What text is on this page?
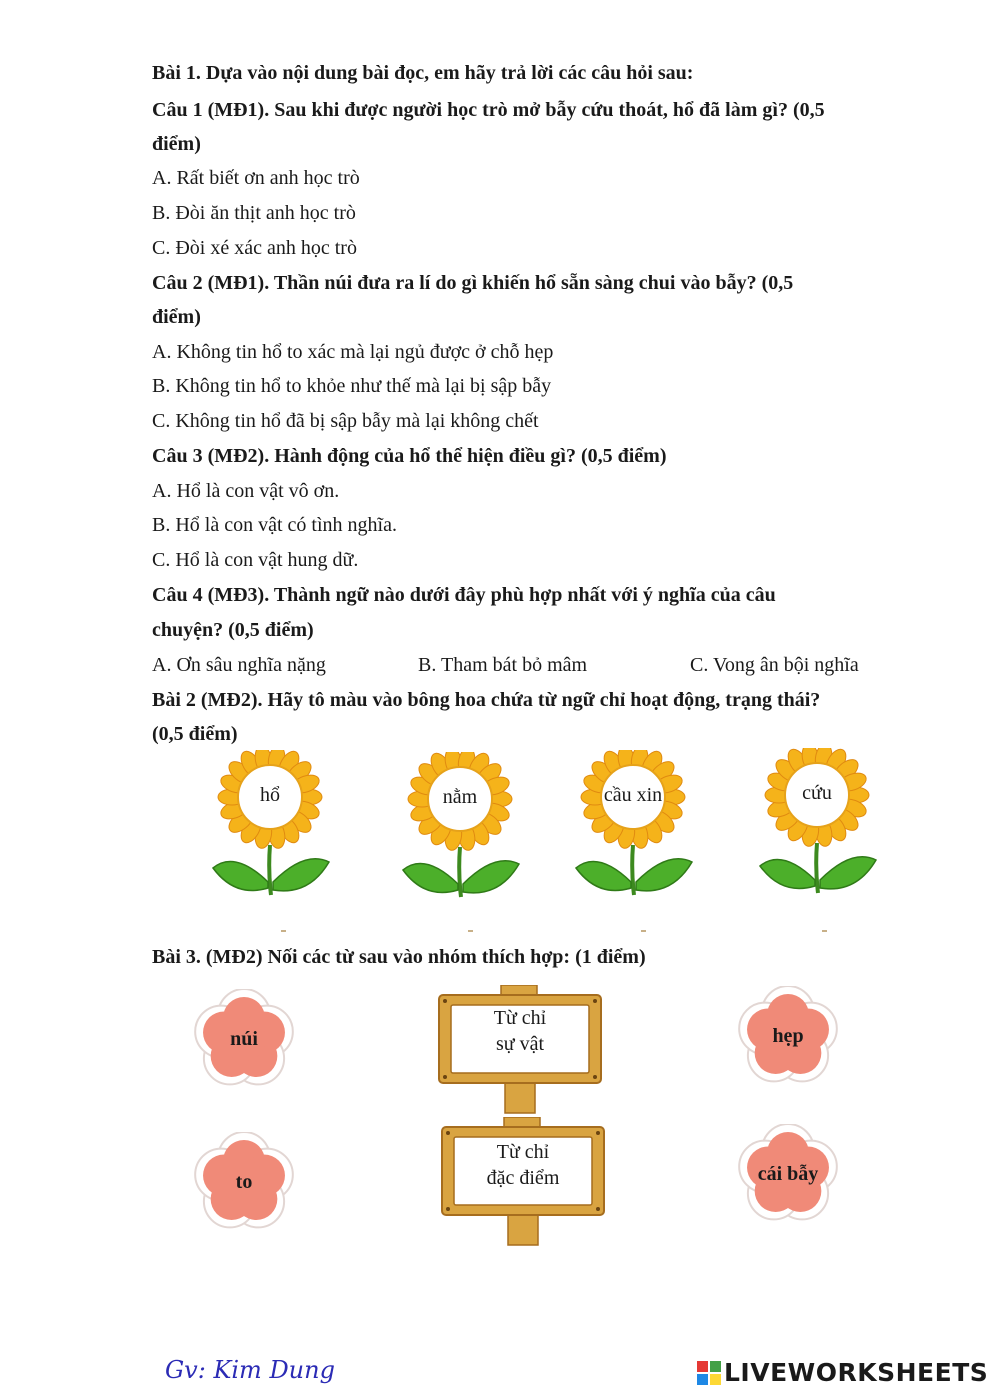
Bài 1. Dựa vào nội dung bài đọc, em hãy trả lời các câu hỏi sau:
Câu 1 (MĐ1). Sau khi được người học trò mở bẫy cứu thoát, hổ đã làm gì? (0,5
điểm)
A. Rất biết ơn anh học trò
B. Đòi ăn thịt anh học trò
C. Đòi xé xác anh học trò
Câu 2 (MĐ1). Thần núi đưa ra lí do gì khiến hổ sẵn sàng chui vào bẫy? (0,5
điểm)
A. Không tin hổ to xác mà lại ngủ được ở chỗ hẹp
B. Không tin hổ to khỏe như thế mà lại bị sập bẫy
C. Không tin hổ đã bị sập bẫy mà lại không chết
Câu 3 (MĐ2). Hành động của hổ thể hiện điều gì? (0,5 điểm)
A. Hổ là con vật vô ơn.
B. Hổ là con vật có tình nghĩa.
C. Hổ là con vật hung dữ.
Câu 4 (MĐ3). Thành ngữ nào dưới đây phù hợp nhất với ý nghĩa của câu
chuyện? (0,5 điểm)
A. Ơn sâu nghĩa nặng	B. Tham bát bỏ mâm	C. Vong ân bội nghĩa
Bài 2 (MĐ2). Hãy tô màu vào bông hoa chứa từ ngữ chỉ hoạt động, trạng thái?
(0,5 điểm)
hổ	nằm	cầu xin	cứu
Bài 3. (MĐ2) Nối các từ sau vào nhóm thích hợp: (1 điểm)
núi
to
hẹp
cái bẫy
Từ chỉ
sự vật
Từ chỉ
đặc điểm
Gv: Kim Dung	LIVEWORKSHEETS
